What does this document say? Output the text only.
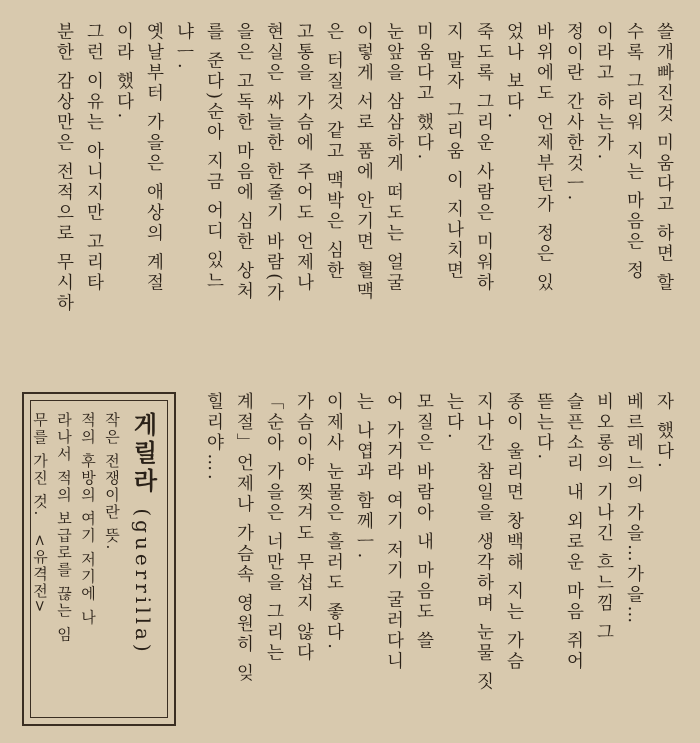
쓸개빠진것 미움다고 하면 할
수록 그리워 지는 마음은 정
이라고 하는가.
정이란 간사한것ㅡ.
바위에도 언제부턴가 정은 있
었나 보다.
죽도록 그리운 사람은 미워하
지 말자 그리움 이 지나치면
미움다고 했다.
눈앞을 삼삼하게 떠도는 얼굴
이렇게 서로 품에 안기면 혈맥
은 터질것 같고 맥박은 심한
고통을 가슴에 주어도 언제나
현실은 싸늘한 한줄기 바람(가
을은 고독한 마음에 심한 상처
를 준다)순아 지금 어디 있느
냐ㅡ.
옛날부터 가을은 애상의 계절
이라 했다.
그런 이유는 아니지만 고리타
분한 감상만은 전적으로 무시하
자 했다.
베르레느의 가을…가을…
비오롱의 기나긴 흐느낌 그
슬픈소리 내 외로운 마음 쥐어
뜯는다.
종이 울리면 창백해 지는 가슴
지나간 참일을 생각하며 눈물 짓
는다.
모질은 바람아 내 마음도 쓸
어 가거라 여기 저기 굴러다니
는 나엽과 함께ㅡ.
이제사 눈물은 흘러도 좋다.
가슴이야 찢겨도 무섭지 않다
「순아 가을은 너만을 그리는
계절」언제나 가슴속 영원히 잊
힐리야….
게릴라 (guerrilla)
작은 전쟁이란 뜻.
적의 후방의 여기 저기에 나
라나서 적의 보급로를 끊는 임
무를 가진 것. <유격전>
